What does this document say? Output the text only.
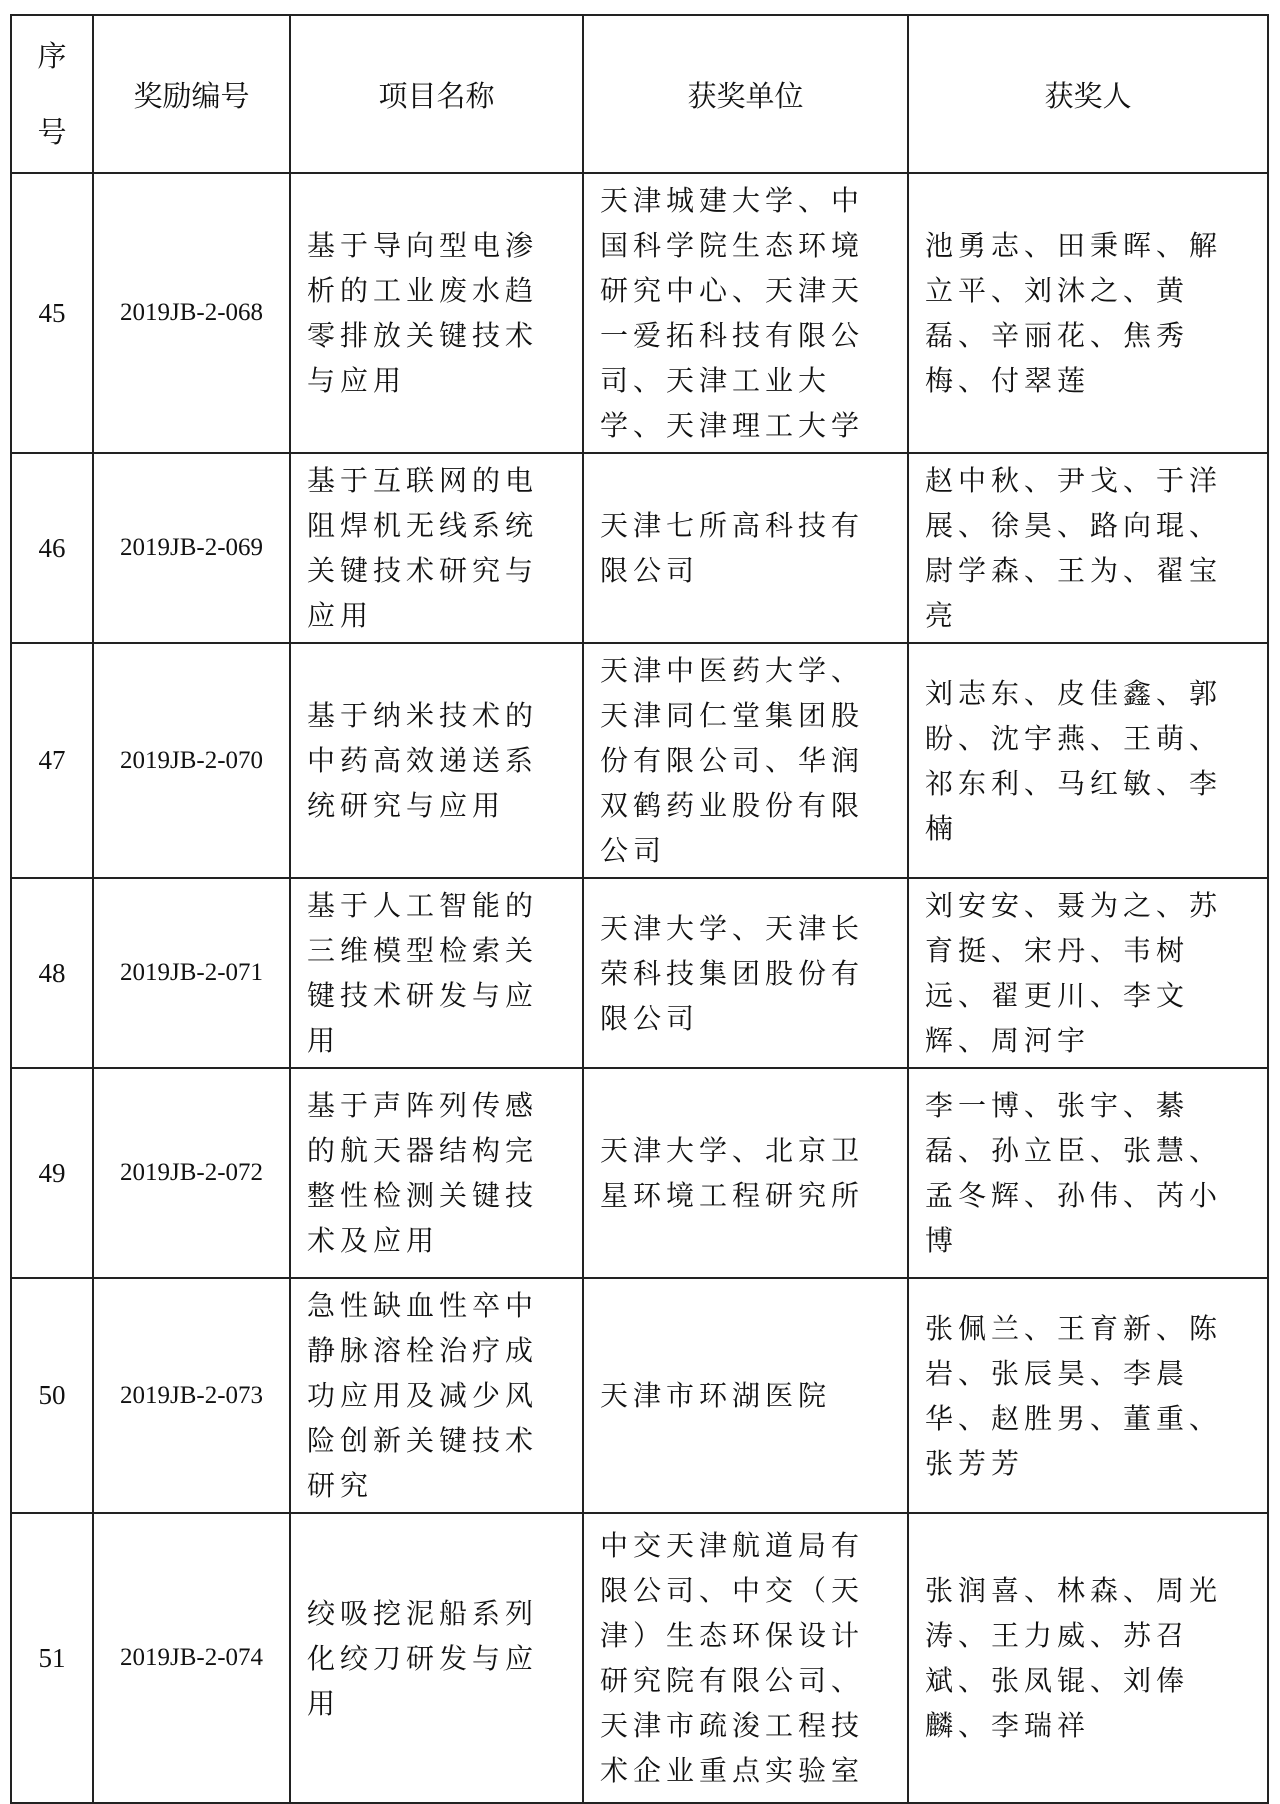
序
号	奖励编号	项目名称	获奖单位	获奖人
45	2019JB-2-068	基于导向型电渗析的工业废水趋零排放关键技术与应用	天津城建大学、中国科学院生态环境研究中心、天津天一爱拓科技有限公司、天津工业大学、天津理工大学	池勇志、田秉晖、解立平、刘沐之、黄磊、辛丽花、焦秀梅、付翠莲
46	2019JB-2-069	基于互联网的电阻焊机无线系统关键技术研究与应用	天津七所高科技有限公司	赵中秋、尹戈、于洋展、徐昊、路向琨、尉学森、王为、翟宝亮
47	2019JB-2-070	基于纳米技术的中药高效递送系统研究与应用	天津中医药大学、天津同仁堂集团股份有限公司、华润双鹤药业股份有限公司	刘志东、皮佳鑫、郭盼、沈宇燕、王萌、祁东利、马红敏、李楠
48	2019JB-2-071	基于人工智能的三维模型检索关键技术研发与应用	天津大学、天津长荣科技集团股份有限公司	刘安安、聂为之、苏育挺、宋丹、韦树远、翟更川、李文辉、周河宇
49	2019JB-2-072	基于声阵列传感的航天器结构完整性检测关键技术及应用	天津大学、北京卫星环境工程研究所	李一博、张宇、綦磊、孙立臣、张慧、孟冬辉、孙伟、芮小博
50	2019JB-2-073	急性缺血性卒中静脉溶栓治疗成功应用及减少风险创新关键技术研究	天津市环湖医院	张佩兰、王育新、陈岩、张辰昊、李晨华、赵胜男、董重、张芳芳
51	2019JB-2-074	绞吸挖泥船系列化绞刀研发与应用	中交天津航道局有限公司、中交（天津）生态环保设计研究院有限公司、天津市疏浚工程技术企业重点实验室	张润喜、林森、周光涛、王力威、苏召斌、张凤锟、刘俸麟、李瑞祥
